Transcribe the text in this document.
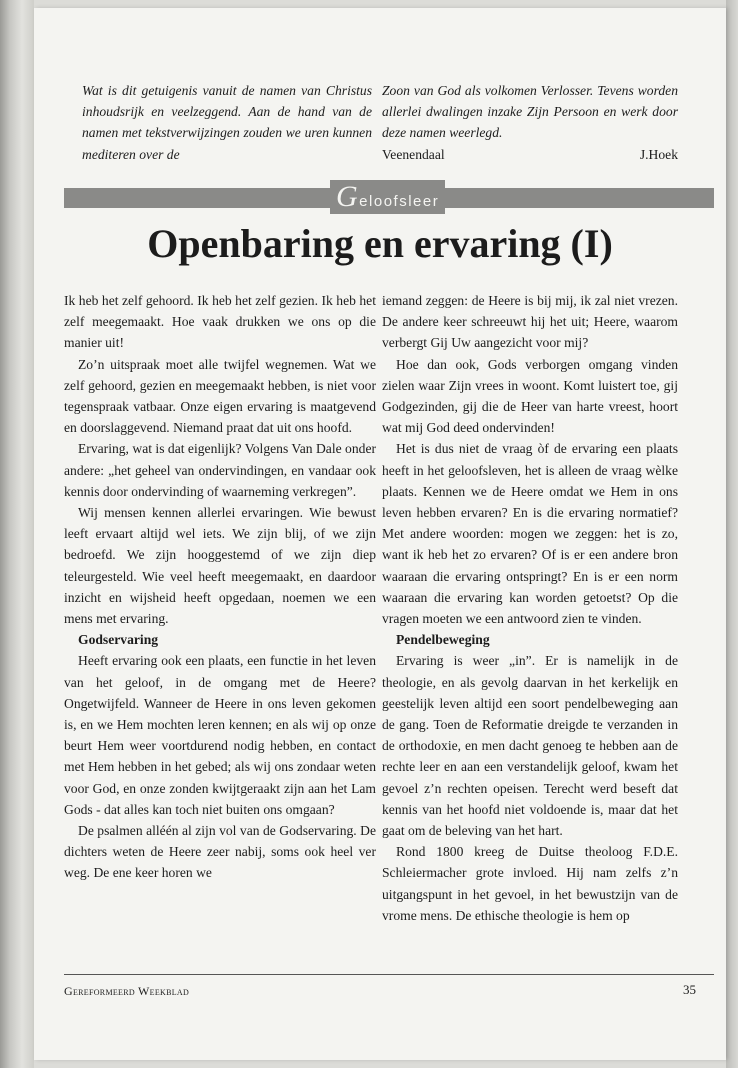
Wat is dit getuigenis vanuit de namen van Christus inhoudsrijk en veelzeggend. Aan de hand van de namen met tekstverwijzingen zouden we uren kunnen mediteren over de

Zoon van God als volkomen Verlosser. Tevens worden allerlei dwalingen inzake Zijn Persoon en werk door deze namen weerlegd.

Veenendaal	J.Hoek
Geloofsleer
Openbaring en ervaring (I)

Ik heb het zelf gehoord. Ik heb het zelf gezien. Ik heb het zelf meegemaakt. Hoe vaak drukken we ons op die manier uit!

Zo’n uitspraak moet alle twijfel wegnemen. Wat we zelf gehoord, gezien en meegemaakt hebben, is niet voor tegenspraak vatbaar. Onze eigen ervaring is maatgevend en doorslaggevend. Niemand praat dat uit ons hoofd.

Ervaring, wat is dat eigenlijk? Volgens Van Dale onder andere: „het geheel van ondervindingen, en vandaar ook kennis door ondervinding of waarneming verkregen”.

Wij mensen kennen allerlei ervaringen. Wie bewust leeft ervaart altijd wel iets. We zijn blij, of we zijn bedroefd. We zijn hooggestemd of we zijn diep teleurgesteld. Wie veel heeft meegemaakt, en daardoor inzicht en wijsheid heeft opgedaan, noemen we een mens met ervaring.

Godservaring

Heeft ervaring ook een plaats, een functie in het leven van het geloof, in de omgang met de Heere? Ongetwijfeld. Wanneer de Heere in ons leven gekomen is, en we Hem mochten leren kennen; en als wij op onze beurt Hem weer voortdurend nodig hebben, en contact met Hem hebben in het gebed; als wij ons zondaar weten voor God, en onze zonden kwijtgeraakt zijn aan het Lam Gods - dat alles kan toch niet buiten ons omgaan?

De psalmen alléén al zijn vol van de Godservaring. De dichters weten de Heere zeer nabij, soms ook heel ver weg. De ene keer horen we

iemand zeggen: de Heere is bij mij, ik zal niet vrezen. De andere keer schreeuwt hij het uit; Heere, waarom verbergt Gij Uw aangezicht voor mij?

Hoe dan ook, Gods verborgen omgang vinden zielen waar Zijn vrees in woont. Komt luistert toe, gij Godgezinden, gij die de Heer van harte vreest, hoort wat mij God deed ondervinden!

Het is dus niet de vraag òf de ervaring een plaats heeft in het geloofsleven, het is alleen de vraag wèlke plaats. Kennen we de Heere omdat we Hem in ons leven hebben ervaren? En is die ervaring normatief? Met andere woorden: mogen we zeggen: het is zo, want ik heb het zo ervaren? Of is er een andere bron waaraan die ervaring ontspringt? En is er een norm waaraan die ervaring kan worden getoetst? Op die vragen moeten we een antwoord zien te vinden.

Pendelbeweging

Ervaring is weer „in”. Er is namelijk in de theologie, en als gevolg daarvan in het kerkelijk en geestelijk leven altijd een soort pendelbeweging aan de gang. Toen de Reformatie dreigde te verzanden in de orthodoxie, en men dacht genoeg te hebben aan de rechte leer en aan een verstandelijk geloof, kwam het gevoel z’n rechten opeisen. Terecht werd beseft dat kennis van het hoofd niet voldoende is, maar dat het gaat om de beleving van het hart.

Rond 1800 kreeg de Duitse theoloog F.D.E. Schleiermacher grote invloed. Hij nam zelfs z’n uitgangspunt in het gevoel, in het bewustzijn van de vrome mens. De ethische theologie is hem op

Gereformeerd Weekblad	35
